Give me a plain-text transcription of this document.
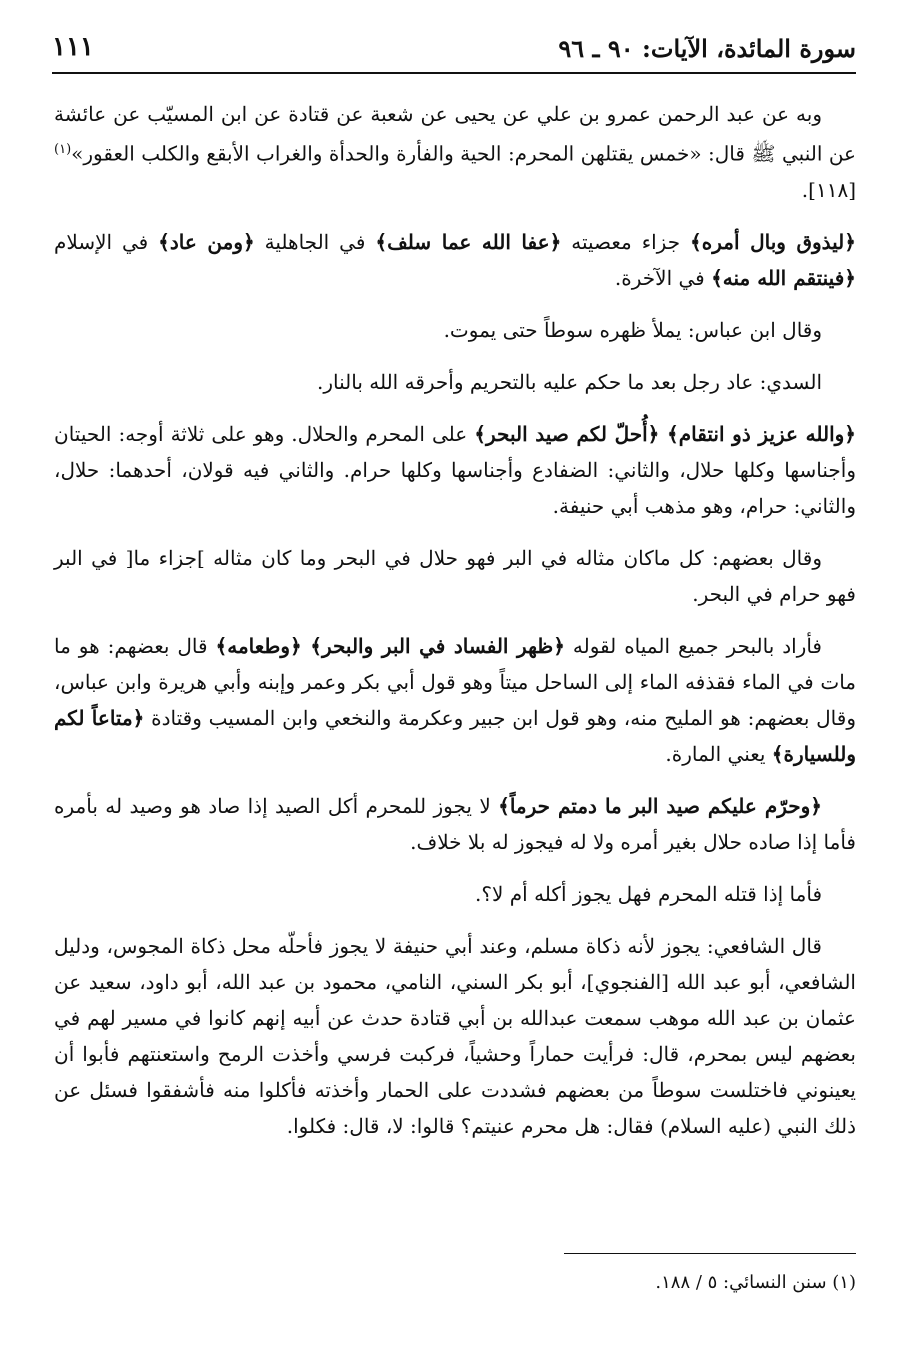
سورة المائدة، الآيات: ٩٠ ـ ٩٦
١١١

وبه عن عبد الرحمن عمرو بن علي عن يحيى عن شعبة عن قتادة عن ابن المسيّب عن عائشة عن النبي ﷺ قال: «خمس يقتلهن المحرم: الحية والفأرة والحدأة والغراب الأبقع والكلب العقور»$^{(١)}$ [١١٨].

﴿ليذوق وبال أمره﴾ جزاء معصيته ﴿عفا الله عما سلف﴾ في الجاهلية ﴿ومن عاد﴾ في الإسلام ﴿فينتقم الله منه﴾ في الآخرة.

وقال ابن عباس: يملأ ظهره سوطاً حتى يموت.

السدي: عاد رجل بعد ما حكم عليه بالتحريم وأحرقه الله بالنار.

﴿والله عزيز ذو انتقام﴾ ﴿أُحلّ لكم صيد البحر﴾ على المحرم والحلال. وهو على ثلاثة أوجه: الحيتان وأجناسها وكلها حلال، والثاني: الضفادع وأجناسها وكلها حرام. والثاني فيه قولان، أحدهما: حلال، والثاني: حرام، وهو مذهب أبي حنيفة.

وقال بعضهم: كل ماكان مثاله في البر فهو حلال في البحر وما كان مثاله ]جزاء ما[ في البر فهو حرام في البحر.

فأراد بالبحر جميع المياه لقوله ﴿ظهر الفساد في البر والبحر﴾ ﴿وطعامه﴾ قال بعضهم: هو ما مات في الماء فقذفه الماء إلى الساحل ميتاً وهو قول أبي بكر وعمر وإبنه وأبي هريرة وابن عباس، وقال بعضهم: هو المليح منه، وهو قول ابن جبير وعكرمة والنخعي وابن المسيب وقتادة ﴿متاعاً لكم وللسيارة﴾ يعني المارة.

﴿وحرّم عليكم صيد البر ما دمتم حرماً﴾ لا يجوز للمحرم أكل الصيد إذا صاد هو وصيد له بأمره فأما إذا صاده حلال بغير أمره ولا له فيجوز له بلا خلاف.

فأما إذا قتله المحرم فهل يجوز أكله أم لا؟.

قال الشافعي: يجوز لأنه ذكاة مسلم، وعند أبي حنيفة لا يجوز فأحلّه محل ذكاة المجوس، ودليل الشافعي، أبو عبد الله [الفنجوي]، أبو بكر السني، النامي، محمود بن عبد الله، أبو داود، سعيد عن عثمان بن عبد الله موهب سمعت عبدالله بن أبي قتادة حدث عن أبيه إنهم كانوا في مسير لهم في بعضهم ليس بمحرم، قال: فرأيت حماراً وحشياً، فركبت فرسي وأخذت الرمح واستعنتهم فأبوا أن يعينوني فاختلست سوطاً من بعضهم فشددت على الحمار وأخذته فأكلوا منه فأشفقوا فسئل عن ذلك النبي (عليه السلام) فقال: هل محرم عنيتم؟ قالوا: لا، قال: فكلوا.

(١) سنن النسائي: ٥ / ١٨٨.
